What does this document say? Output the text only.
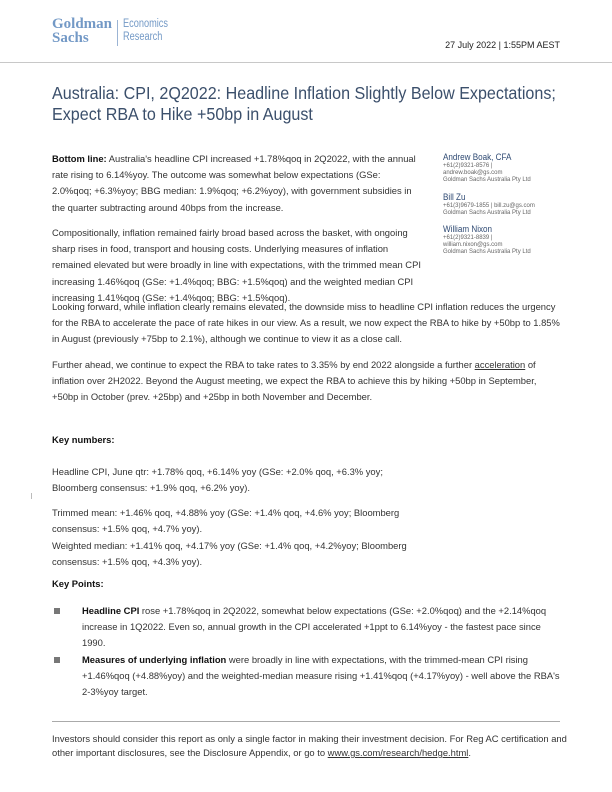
Goldman
Sachs
Economics
Research
27 July 2022 | 1:55PM AEST
Australia: CPI, 2Q2022: Headline Inflation Slightly Below Expectations;
Expect RBA to Hike +50bp in August
Andrew Boak, CFA
+61(2)9321-8576 |
andrew.boak@gs.com
Goldman Sachs Australia Pty Ltd
Bill Zu
+61(3)9679-1855 | bill.zu@gs.com
Goldman Sachs Australia Pty Ltd
William Nixon
+61(2)9321-8839 |
william.nixon@gs.com
Goldman Sachs Australia Pty Ltd
Bottom line: Australia's headline CPI increased +1.78%qoq in 2Q2022, with the annual rate rising to 6.14%yoy. The outcome was somewhat below expectations (GSe: 2.0%qoq; +6.3%yoy; BBG median: 1.9%qoq; +6.2%yoy), with government subsidies in the quarter subtracting around 40bps from the increase.
Compositionally, inflation remained fairly broad based across the basket, with ongoing sharp rises in food, transport and housing costs. Underlying measures of inflation remained elevated but were broadly in line with expectations, with the trimmed mean CPI increasing 1.46%qoq (GSe: +1.4%qoq; BBG: +1.5%qoq) and the weighted median CPI increasing 1.41%qoq (GSe: +1.4%qoq; BBG: +1.5%qoq).
Looking forward, while inflation clearly remains elevated, the downside miss to headline CPI inflation reduces the urgency for the RBA to accelerate the pace of rate hikes in our view. As a result, we now expect the RBA to hike by +50bp to 1.85% in August (previously +75bp to 2.1%), although we continue to view it as a close call.
Further ahead, we continue to expect the RBA to take rates to 3.35% by end 2022 alongside a further acceleration of inflation over 2H2022. Beyond the August meeting, we expect the RBA to achieve this by hiking +50bp in September, +50bp in October (prev. +25bp) and +25bp in both November and December.
Key numbers:
Headline CPI, June qtr: +1.78% qoq, +6.14% yoy (GSe: +2.0% qoq, +6.3% yoy; Bloomberg consensus: +1.9% qoq, +6.2% yoy).
Trimmed mean: +1.46% qoq, +4.88% yoy (GSe: +1.4% qoq, +4.6% yoy; Bloomberg consensus: +1.5% qoq, +4.7% yoy).
Weighted median: +1.41% qoq, +4.17% yoy (GSe: +1.4% qoq, +4.2%yoy; Bloomberg consensus: +1.5% qoq, +4.3% yoy).
Key Points:
Headline CPI rose +1.78%qoq in 2Q2022, somewhat below expectations (GSe: +2.0%qoq) and the +2.14%qoq increase in 1Q2022. Even so, annual growth in the CPI accelerated +1ppt to 6.14%yoy - the fastest pace since 1990.
Measures of underlying inflation were broadly in line with expectations, with the trimmed-mean CPI rising +1.46%qoq (+4.88%yoy) and the weighted-median measure rising +1.41%qoq (+4.17%yoy) - well above the RBA's 2-3%yoy target.
Investors should consider this report as only a single factor in making their investment decision. For Reg AC certification and other important disclosures, see the Disclosure Appendix, or go to www.gs.com/research/hedge.html.
